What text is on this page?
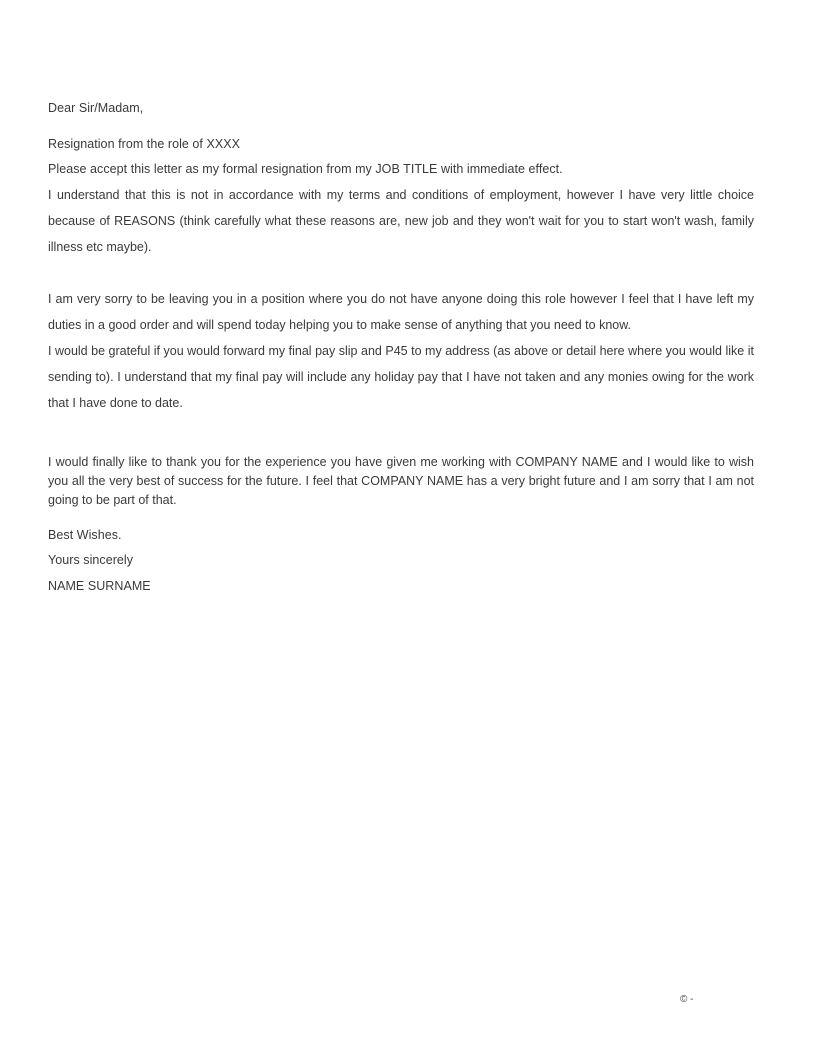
Dear Sir/Madam,
Resignation from the role of XXXX
Please accept this letter as my formal resignation from my JOB TITLE with immediate effect.
I understand that this is not in accordance with my terms and conditions of employment, however I have very little choice because of REASONS (think carefully what these reasons are, new job and they won't wait for you to start won't wash, family illness etc maybe).
I am very sorry to be leaving you in a position where you do not have anyone doing this role however I feel that I have left my duties in a good order and will spend today helping you to make sense of anything that you need to know.
I would be grateful if you would forward my final pay slip and P45 to my address (as above or detail here where you would like it sending to). I understand that my final pay will include any holiday pay that I have not taken and any monies owing for the work that I have done to date.
I would finally like to thank you for the experience you have given me working with COMPANY NAME and I would like to wish you all the very best of success for the future. I feel that COMPANY NAME has a very bright future and I am sorry that I am not going to be part of that.
Best Wishes.
Yours sincerely
NAME SURNAME
© -
